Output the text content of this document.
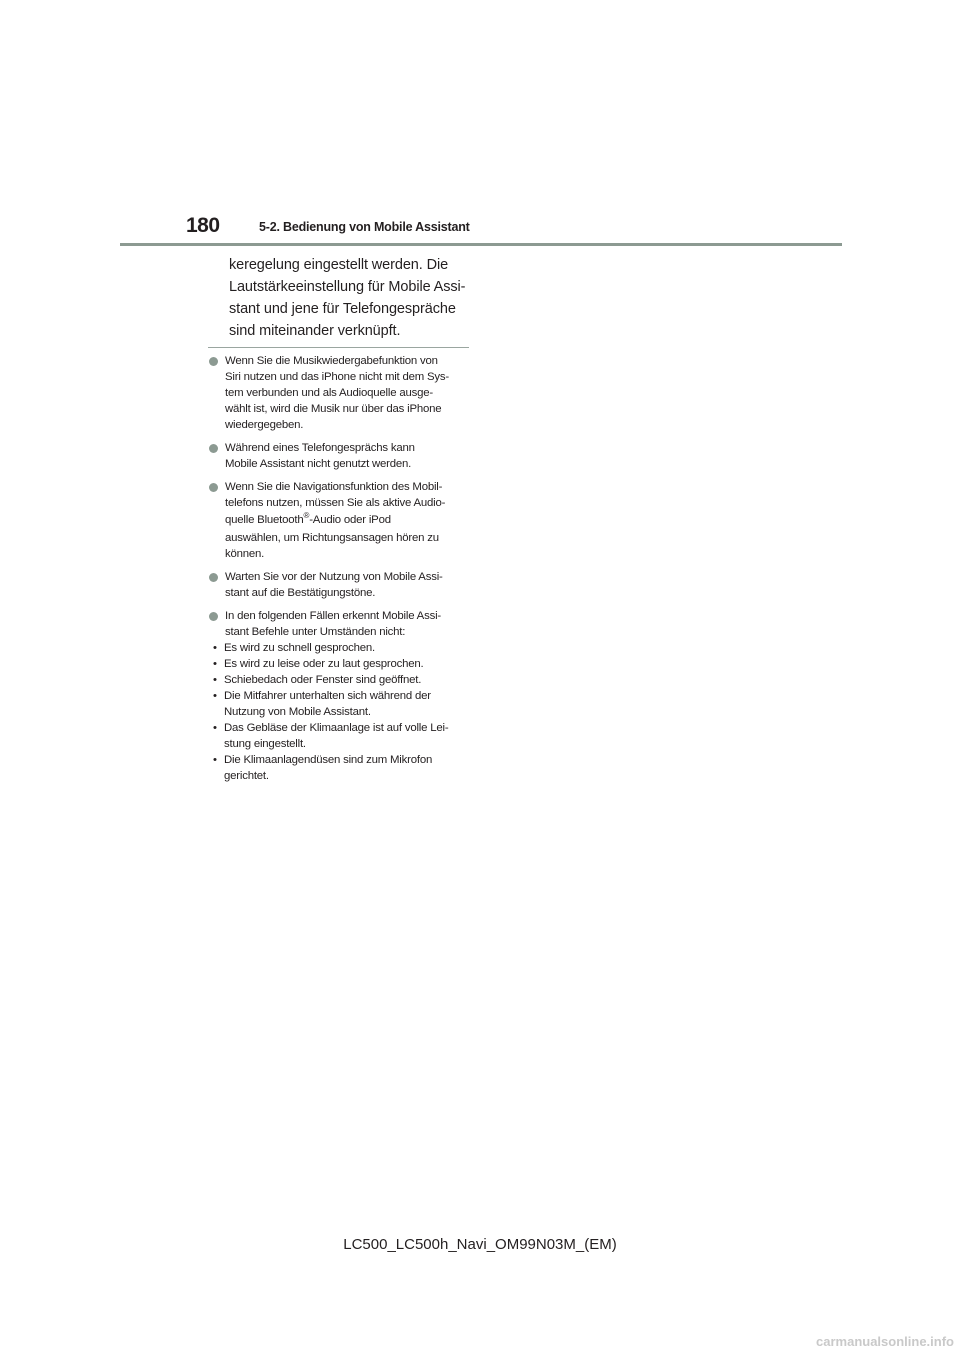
180	5-2. Bedienung von Mobile Assistant
keregelung eingestellt werden. Die
Lautstärkeeinstellung für Mobile Assi-
stant und jene für Telefongespräche
sind miteinander verknüpft.
Wenn Sie die Musikwiedergabefunktion von
Siri nutzen und das iPhone nicht mit dem Sys-
tem verbunden und als Audioquelle ausge-
wählt ist, wird die Musik nur über das iPhone
wiedergegeben.
Während eines Telefongesprächs kann
Mobile Assistant nicht genutzt werden.
Wenn Sie die Navigationsfunktion des Mobil-
telefons nutzen, müssen Sie als aktive Audio-
quelle Bluetooth®-Audio oder iPod
auswählen, um Richtungsansagen hören zu
können.
Warten Sie vor der Nutzung von Mobile Assi-
stant auf die Bestätigungstöne.
In den folgenden Fällen erkennt Mobile Assi-
stant Befehle unter Umständen nicht:
• Es wird zu schnell gesprochen.
• Es wird zu leise oder zu laut gesprochen.
• Schiebedach oder Fenster sind geöffnet.
• Die Mitfahrer unterhalten sich während der
Nutzung von Mobile Assistant.
• Das Gebläse der Klimaanlage ist auf volle Lei-
stung eingestellt.
• Die Klimaanlagendüsen sind zum Mikrofon
gerichtet.
LC500_LC500h_Navi_OM99N03M_(EM)
carmanualsonline.info
